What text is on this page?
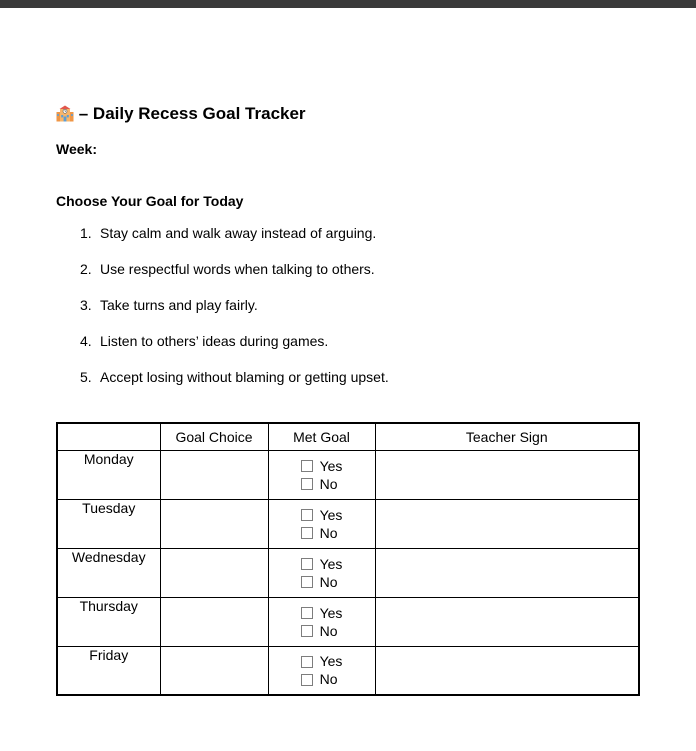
– Daily Recess Goal Tracker

Week:

Choose Your Goal for Today

1. Stay calm and walk away instead of arguing.
2. Use respectful words when talking to others.
3. Take turns and play fairly.
4. Listen to others’ ideas during games.
5. Accept losing without blaming or getting upset.
	Goal Choice	Met Goal	Teacher Sign
Monday		Yes
No	

Tuesday		Yes
No	

Wednesday		Yes
No	

Thursday		Yes
No	

Friday		Yes
No	
